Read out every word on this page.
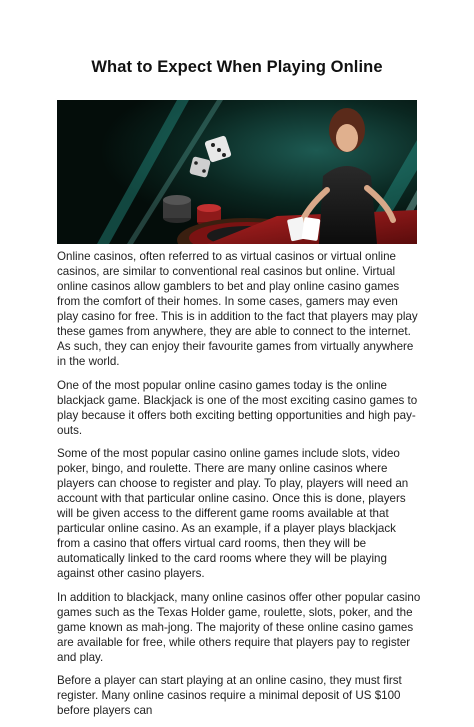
What to Expect When Playing Online

Online casinos, often referred to as virtual casinos or virtual online casinos, are similar to conventional real casinos but online. Virtual online casinos allow gamblers to bet and play online casino games from the comfort of their homes. In some cases, gamers may even play casino for free. This is in addition to the fact that players may play these games from anywhere, they are able to connect to the internet. As such, they can enjoy their favourite games from virtually anywhere in the world.

One of the most popular online casino games today is the online blackjack game. Blackjack is one of the most exciting casino games to play because it offers both exciting betting opportunities and high pay-outs.

Some of the most popular casino online games include slots, video poker, bingo, and roulette. There are many online casinos where players can choose to register and play. To play, players will need an account with that particular online casino. Once this is done, players will be given access to the different game rooms available at that particular online casino. As an example, if a player plays blackjack from a casino that offers virtual card rooms, then they will be automatically linked to the card rooms where they will be playing against other casino players.

In addition to blackjack, many online casinos offer other popular casino games such as the Texas Holder game, roulette, slots, poker, and the game known as mah-jong. The majority of these online casino games are available for free, while others require that players pay to register and play.

Before a player can start playing at an online casino, they must first register. Many online casinos require a minimal deposit of US $100 before players can
